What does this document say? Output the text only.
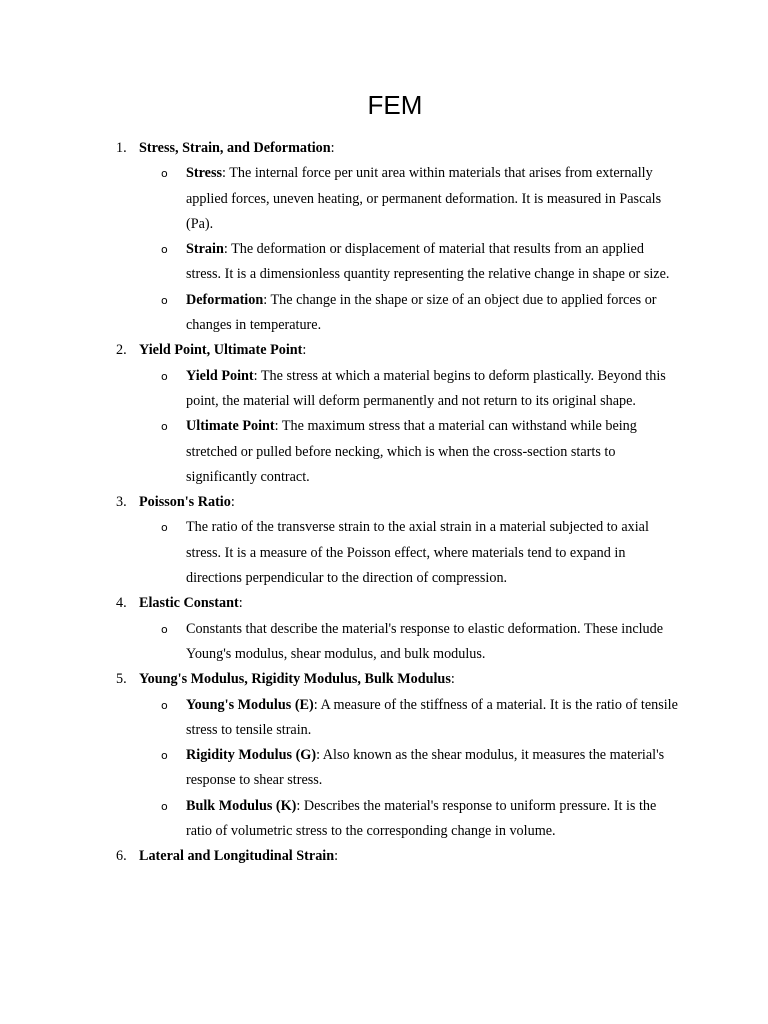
FEM
1. Stress, Strain, and Deformation:
o Stress: The internal force per unit area within materials that arises from externally applied forces, uneven heating, or permanent deformation. It is measured in Pascals (Pa).
o Strain: The deformation or displacement of material that results from an applied stress. It is a dimensionless quantity representing the relative change in shape or size.
o Deformation: The change in the shape or size of an object due to applied forces or changes in temperature.
2. Yield Point, Ultimate Point:
o Yield Point: The stress at which a material begins to deform plastically. Beyond this point, the material will deform permanently and not return to its original shape.
o Ultimate Point: The maximum stress that a material can withstand while being stretched or pulled before necking, which is when the cross-section starts to significantly contract.
3. Poisson's Ratio:
o The ratio of the transverse strain to the axial strain in a material subjected to axial stress. It is a measure of the Poisson effect, where materials tend to expand in directions perpendicular to the direction of compression.
4. Elastic Constant:
o Constants that describe the material's response to elastic deformation. These include Young's modulus, shear modulus, and bulk modulus.
5. Young's Modulus, Rigidity Modulus, Bulk Modulus:
o Young's Modulus (E): A measure of the stiffness of a material. It is the ratio of tensile stress to tensile strain.
o Rigidity Modulus (G): Also known as the shear modulus, it measures the material's response to shear stress.
o Bulk Modulus (K): Describes the material's response to uniform pressure. It is the ratio of volumetric stress to the corresponding change in volume.
6. Lateral and Longitudinal Strain:
